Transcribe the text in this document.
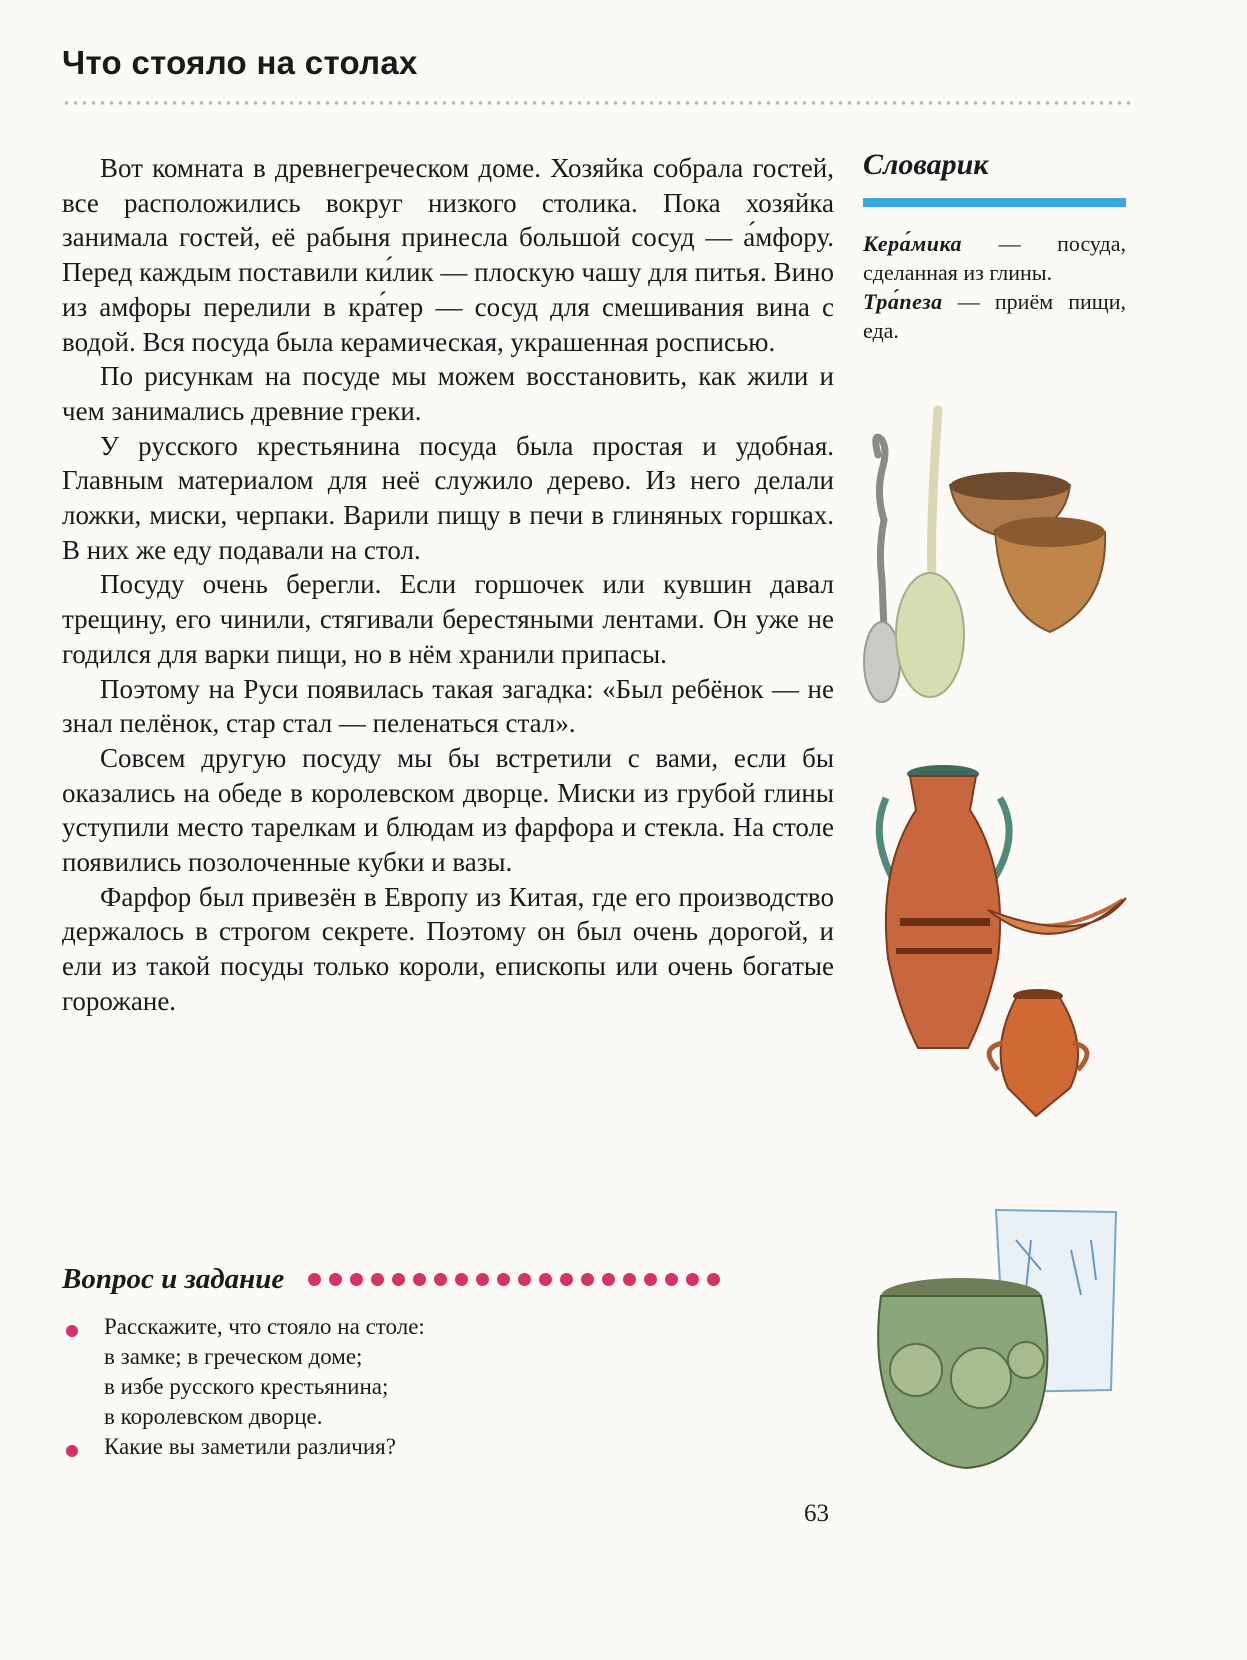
Что стояло на столах

Вот комната в древнегреческом доме. Хозяйка собрала гостей, все расположились вокруг низкого столика. Пока хозяйка занимала гостей, её рабыня принесла большой сосуд — а́мфору. Перед каждым поставили ки́лик — плоскую чашу для питья. Вино из амфоры перелили в кра́тер — сосуд для смешивания вина с водой. Вся посуда была керамическая, украшенная росписью.

По рисункам на посуде мы можем восстановить, как жили и чем занимались древние греки.

У русского крестьянина посуда была простая и удобная. Главным материалом для неё служило дерево. Из него делали ложки, миски, черпаки. Варили пищу в печи в глиняных горшках. В них же еду подавали на стол.

Посуду очень берегли. Если горшочек или кувшин давал трещину, его чинили, стягивали берестяными лентами. Он уже не годился для варки пищи, но в нём хранили припасы.

Поэтому на Руси появилась такая загадка: «Был ребёнок — не знал пелёнок, стар стал — пеленаться стал».

Совсем другую посуду мы бы встретили с вами, если бы оказались на обеде в королевском дворце. Миски из грубой глины уступили место тарелкам и блюдам из фарфора и стекла. На столе появились позолоченные кубки и вазы.

Фарфор был привезён в Европу из Китая, где его производство держалось в строгом секрете. Поэтому он был очень дорогой, и ели из такой посуды только короли, епископы или очень богатые горожане.

Вопрос и задание
Расскажите, что стояло на столе:
в замке; в греческом доме;
в избе русского крестьянина;
в королевском дворце.
Какие вы заметили различия?
63
Словарик

Кера́мика — посуда, сделанная из глины.

Тра́пеза — приём пищи, еда.
